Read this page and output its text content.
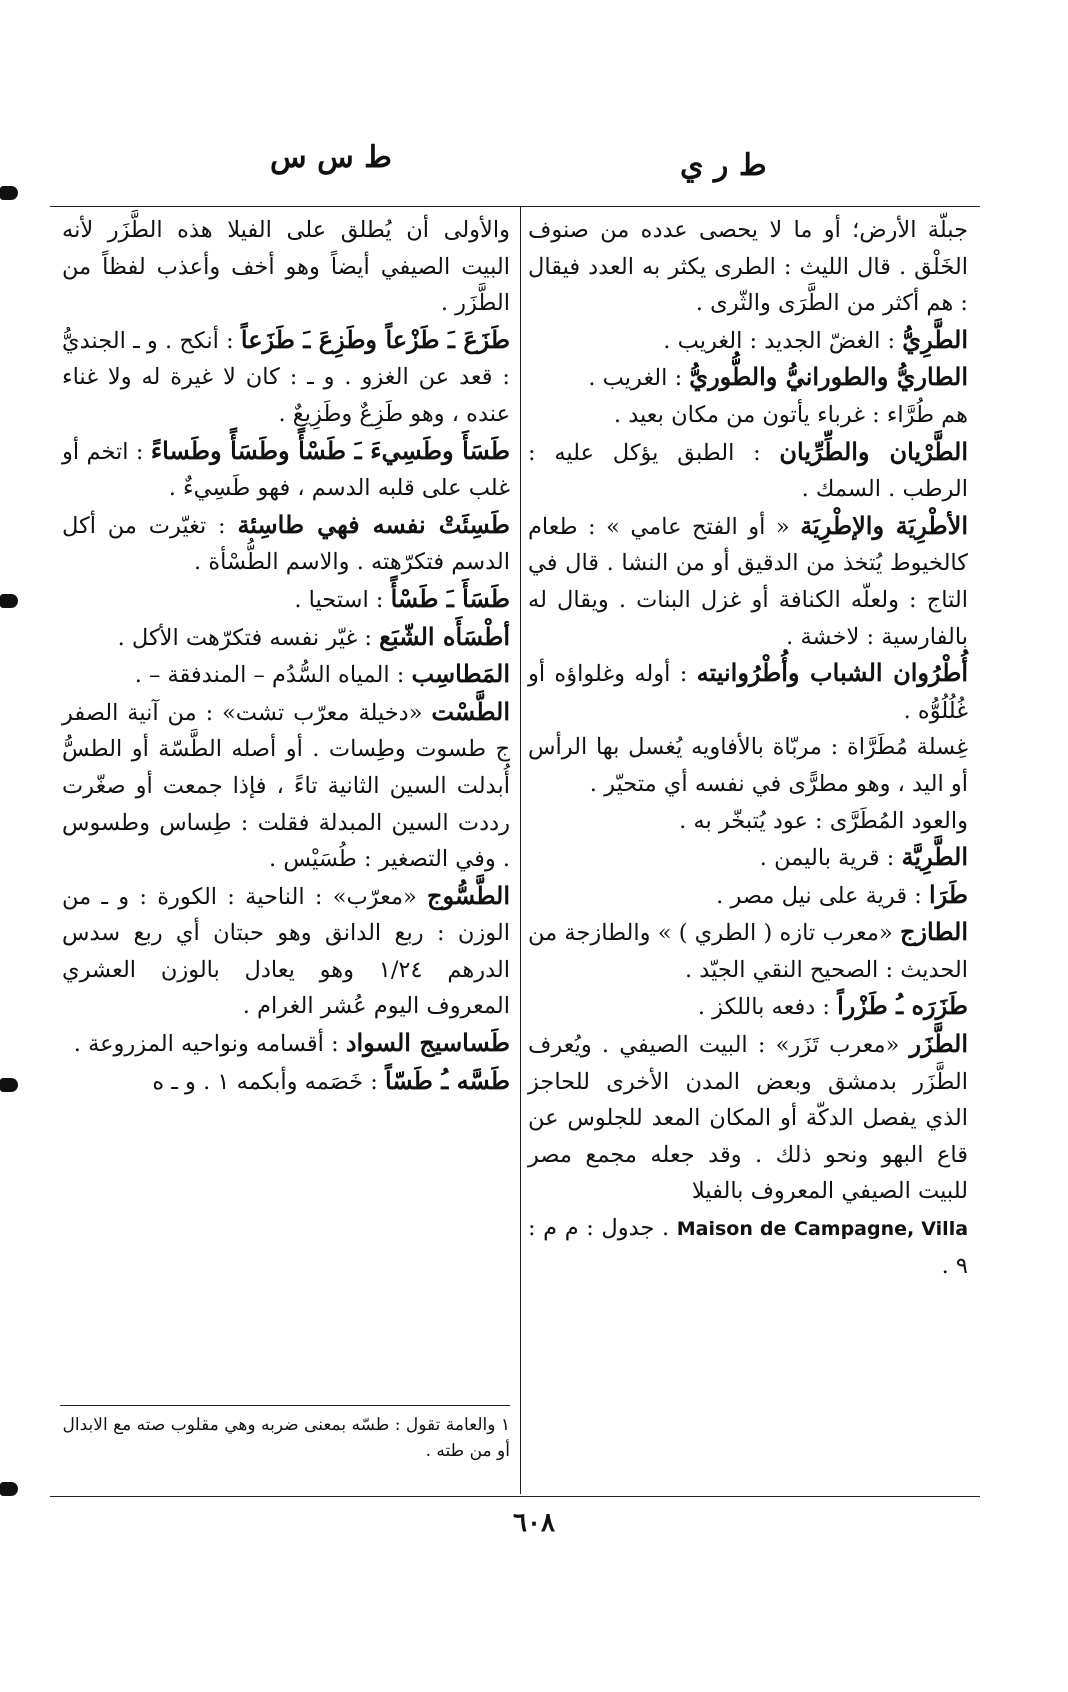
ط ر ي
ط س س

جبلّة الأرض؛ أو ما لا يحصى عدده من صنوف الخَلْق . قال الليث : الطرى يكثر به العدد فيقال : هم أكثر من الطَّرَى والثّرى .

الطَّرِيُّ : الغضّ الجديد : الغريب .

الطاريُّ والطورانيُّ والطُّوريُّ : الغريب .

هم طُرَّاء : غرباء يأتون من مكان بعيد .

الطَّرْيان والطِّرِّيان : الطبق يؤكل عليه : الرطب . السمك .

الأطْرِيَة والإطْرِيَة « أو الفتح عامي » : طعام كالخيوط يُتخذ من الدقيق أو من النشا . قال في التاج : ولعلّه الكنافة أو غزل البنات . ويقال له بالفارسية : لاخشة .

أُطْرُوان الشباب وأُطْرُوانيته : أوله وغلواؤه أو غُلُلُوُّه .

غِسلة مُطَرَّاة : مربّاة بالأفاويه يُغسل بها الرأس أو اليد ، وهو مطرًّى في نفسه أي متحيّر .

والعود المُطَرَّى : عود يُتبخّر به .

الطَّرِيَّة : قرية باليمن .

طَرَا : قرية على نيل مصر .

الطازج «معرب تازه ( الطري ) » والطازجة من الحديث : الصحيح النقي الجيّد .

طَزَرَه ـُ طَزْراً : دفعه باللكز .

الطَّزَر «معرب تَزَر» : البيت الصيفي . ويُعرف الطَّزَر بدمشق وبعض المدن الأخرى للحاجز الذي يفصل الدكّة أو المكان المعد للجلوس عن قاع البهو ونحو ذلك . وقد جعله مجمع مصر للبيت الصيفي المعروف بالفيلا

Maison de Campagne, Villa . جدول : م م : ٩ .

والأولى أن يُطلق على الفيلا هذه الطَّزَر لأنه البيت الصيفي أيضاً وهو أخف وأعذب لفظاً من الطَّزَر .

طَزَعَ ـَ طَزْعاً وطَزِعَ ـَ طَزَعاً : أنكح . و ـ الجنديُّ : قعد عن الغزو . و ـ : كان لا غيرة له ولا غناء عنده ، وهو طَزِعٌ وطَزِيعٌ .

طَسَأَ وطَسِيءَ ـَ طَسْأً وطَسَأً وطَساءً : اتخم أو غلب على قلبه الدسم ، فهو طَسِيءٌ .

طَسِئَتْ نفسه فهي طاسِئة : تغيّرت من أكل الدسم فتكرّهته . والاسم الطُّسْأة .

طَسَأَ ـَ طَسْأً : استحيا .

أطْسَأَه الشّبَع : غيّر نفسه فتكرّهت الأكل .

المَطاسِب : المياه السُّدُم – المندفقة – .

الطَّسْت «دخيلة معرّب تشت» : من آنية الصفر ج طسوت وطِسات . أو أصله الطَّسّة أو الطسُّ أُبدلت السين الثانية تاءً ، فإذا جمعت أو صغّرت رددت السين المبدلة فقلت : طِساس وطسوس . وفي التصغير : طُسَيْس .

الطَّسُّوج «معرّب» : الناحية : الكورة : و ـ من الوزن : ربع الدانق وهو حبتان أي ربع سدس الدرهم ١/٢٤ وهو يعادل بالوزن العشري المعروف اليوم عُشر الغرام .

طَساسيج السواد : أقسامه ونواحيه المزروعة .

طَسَّه ـُ طَسّاً : خَصَمه وأبكمه ١ . و ـ ه

١ والعامة تقول : طسّه بمعنى ضربه وهي مقلوب صته مع الابدال أو من طته .
٦٠٨
